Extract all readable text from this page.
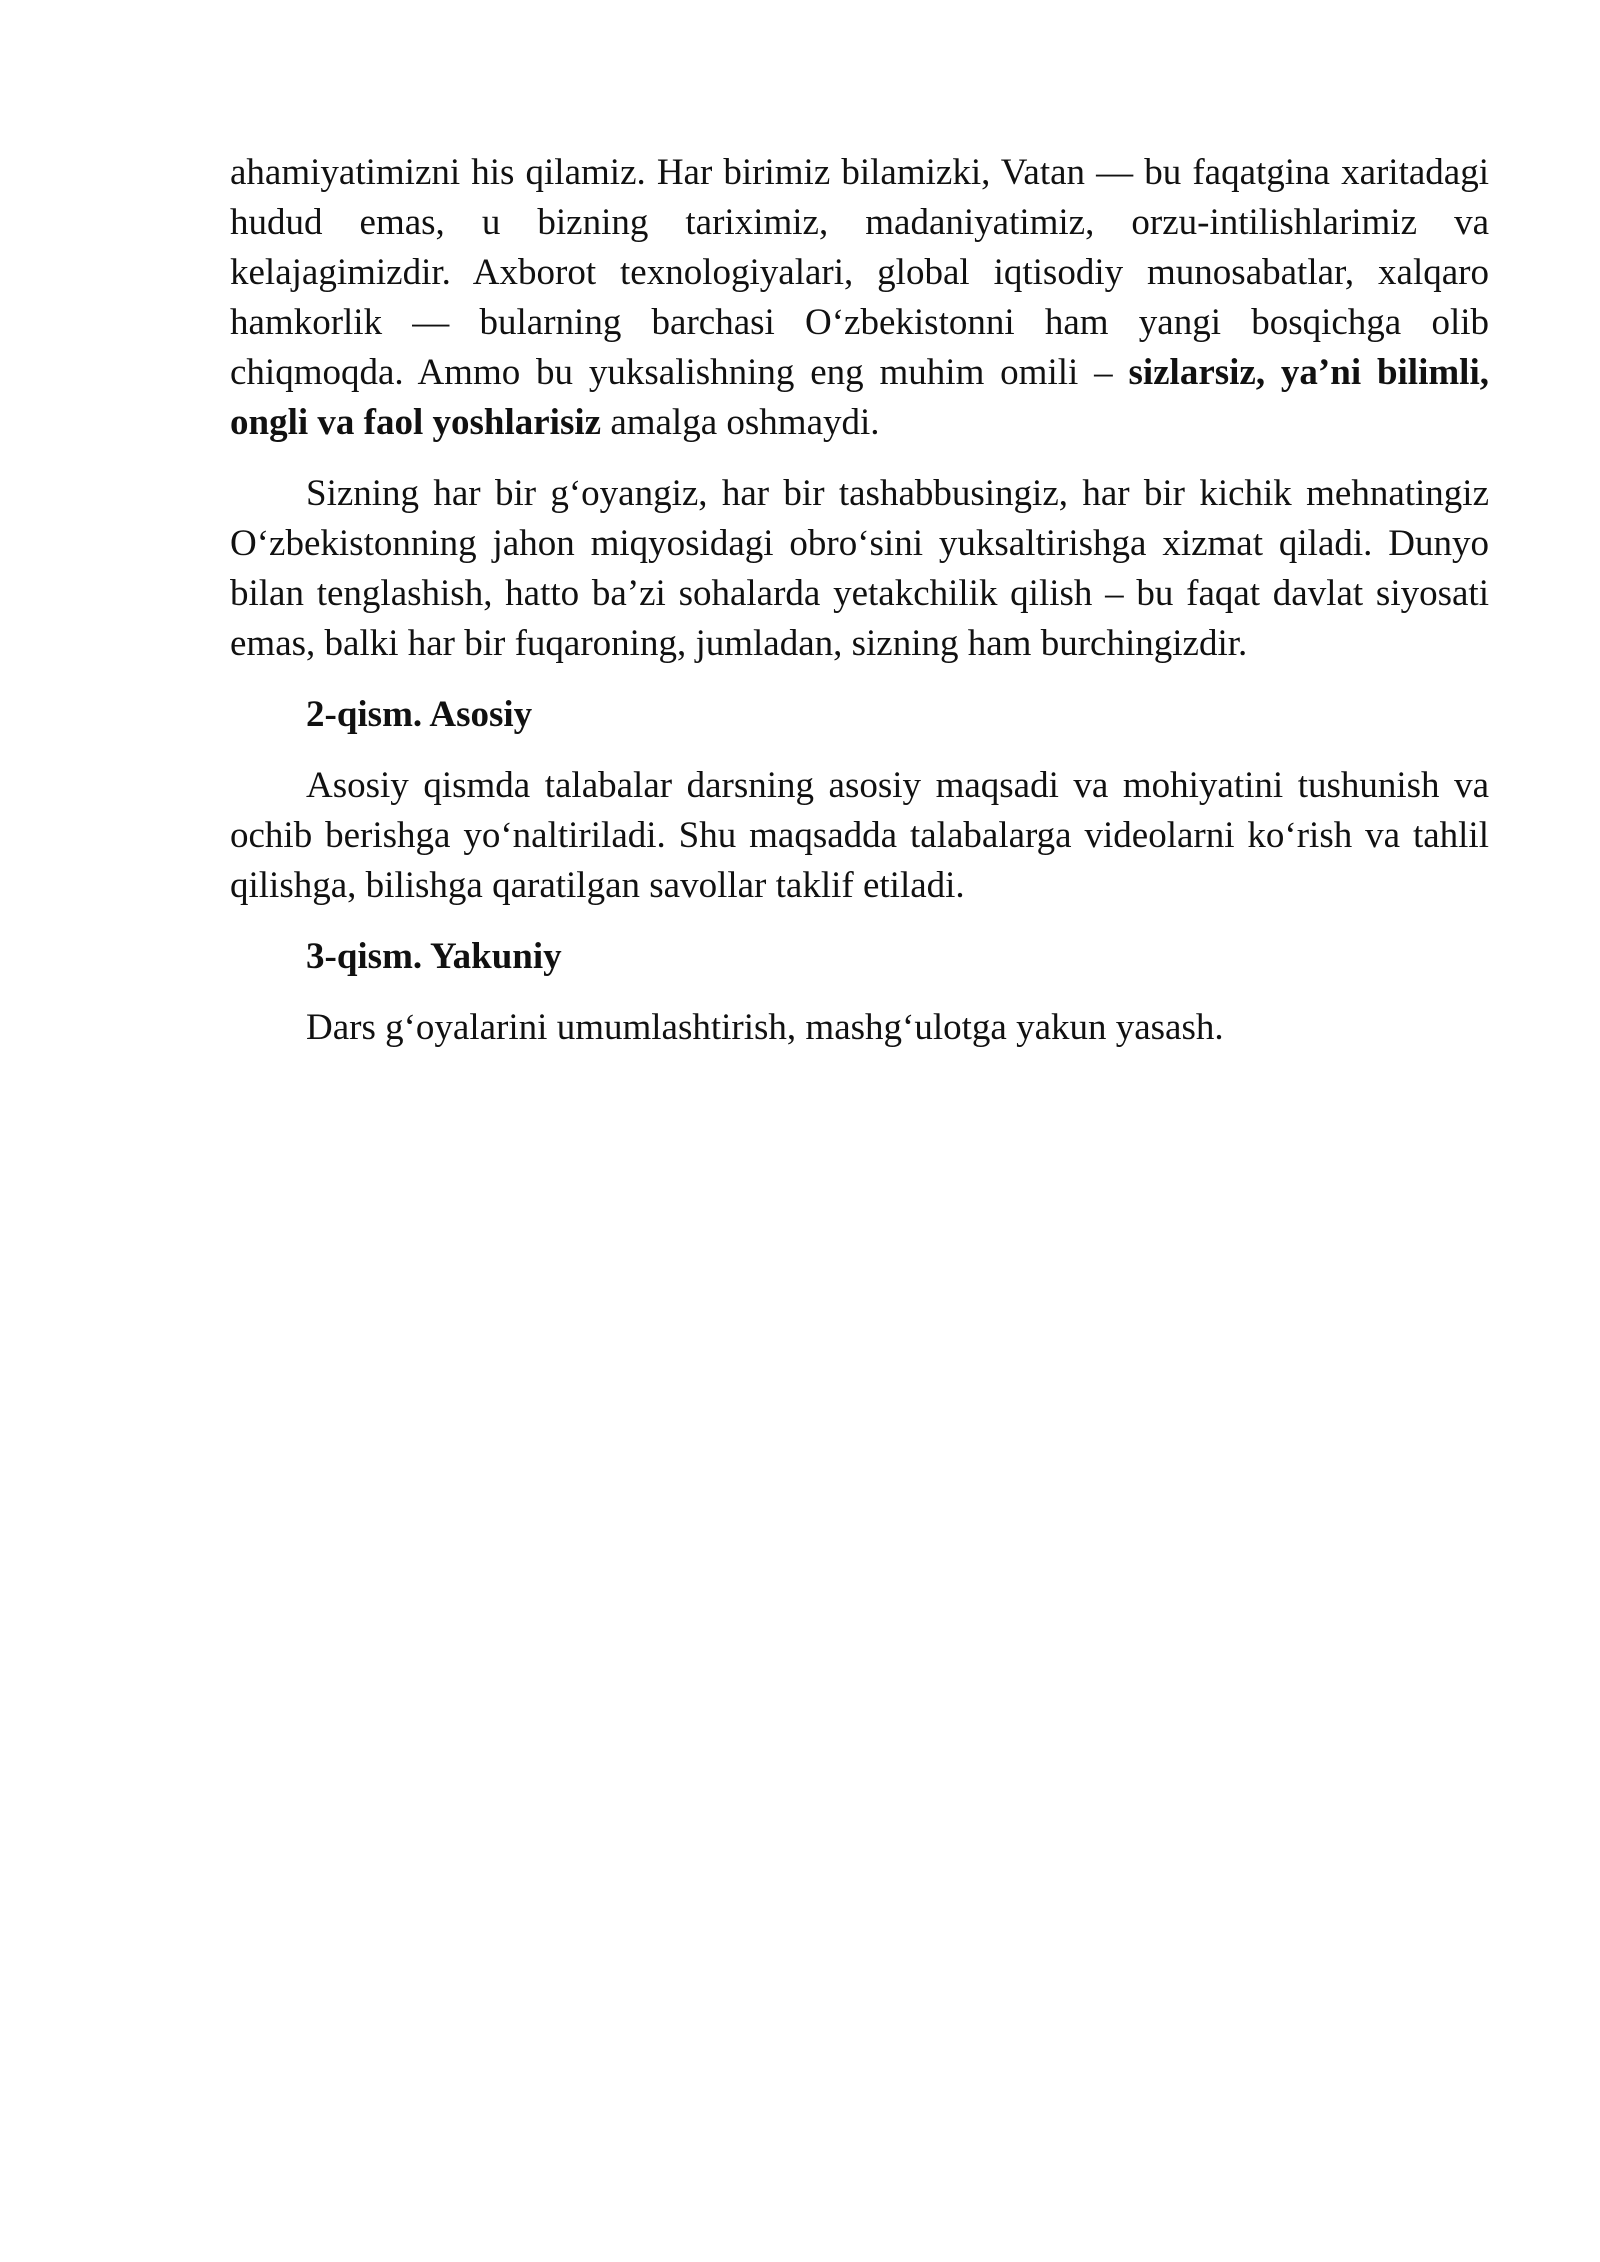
ahamiyatimizni his qilamiz. Har birimiz bilamizki, Vatan — bu faqatgina xaritadagi hudud emas, u bizning tariximiz, madaniyatimiz, orzu-intilishlarimiz va kelajagimizdir. Axborot texnologiyalari, global iqtisodiy munosabatlar, xalqaro hamkorlik — bularning barchasi O‘zbekistonni ham yangi bosqichga olib chiqmoqda. Ammo bu yuksalishning eng muhim omili – sizlarsiz, ya’ni bilimli, ongli va faol yoshlarisiz amalga oshmaydi.

Sizning har bir g‘oyangiz, har bir tashabbusingiz, har bir kichik mehnatingiz O‘zbekistonning jahon miqyosidagi obro‘sini yuksaltirishga xizmat qiladi. Dunyo bilan tenglashish, hatto ba’zi sohalarda yetakchilik qilish – bu faqat davlat siyosati emas, balki har bir fuqaroning, jumladan, sizning ham burchingizdir.

2-qism. Asosiy

Asosiy qismda talabalar darsning asosiy maqsadi va mohiyatini tushunish va ochib berishga yo‘naltiriladi. Shu maqsadda talabalarga videolarni ko‘rish va tahlil qilishga, bilishga qaratilgan savollar taklif etiladi.

3-qism. Yakuniy

Dars g‘oyalarini umumlashtirish, mashg‘ulotga yakun yasash.
